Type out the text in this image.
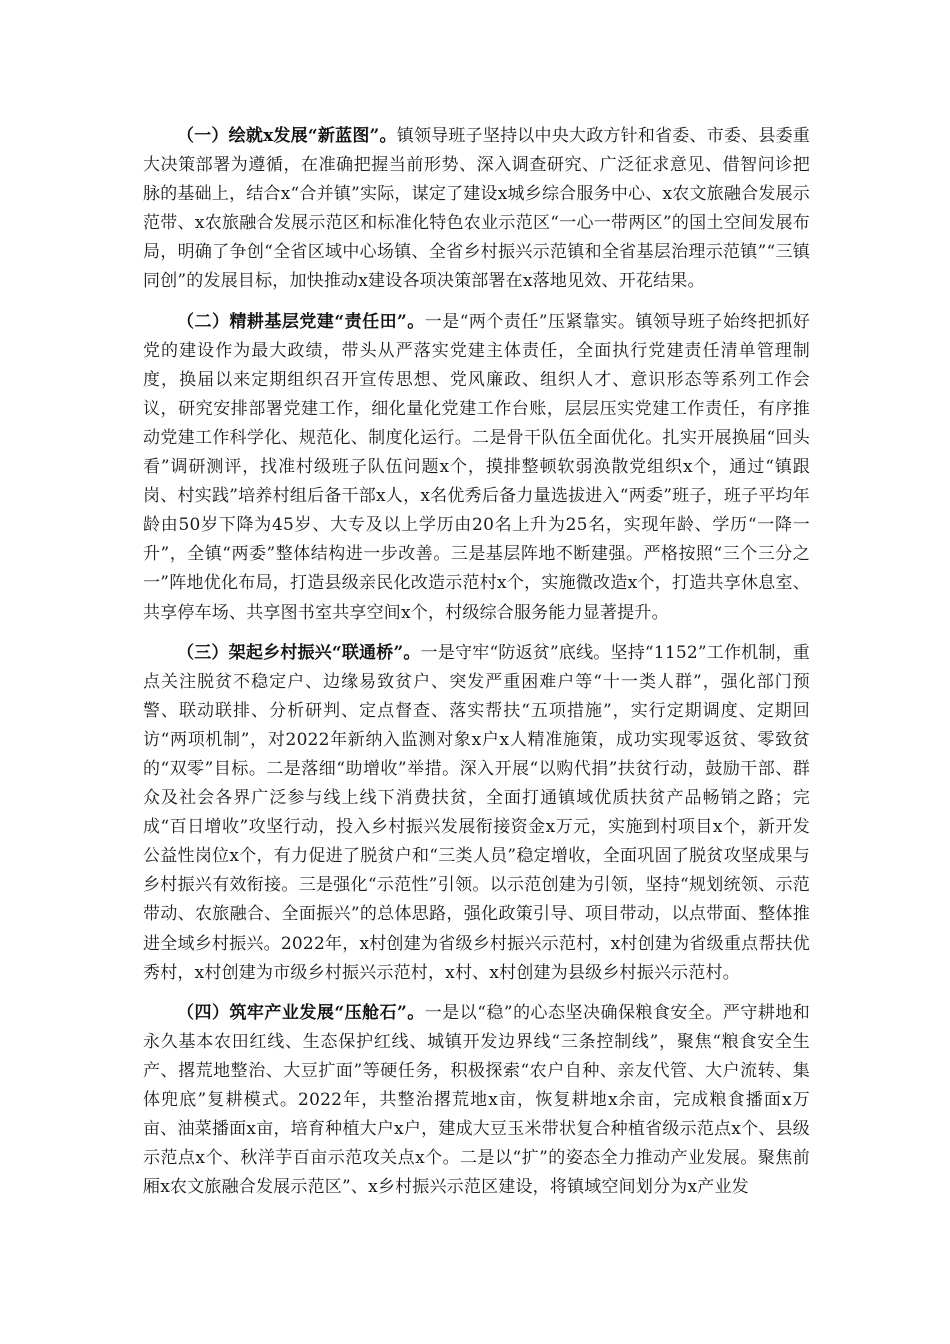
（一）绘就x发展“新蓝图”。镇领导班子坚持以中央大政方针和省委、市委、县委重大决策部署为遵循，在准确把握当前形势、深入调查研究、广泛征求意见、借智问诊把脉的基础上，结合x“合并镇”实际，谋定了建设x城乡综合服务中心、x农文旅融合发展示范带、x农旅融合发展示范区和标准化特色农业示范区“一心一带两区”的国土空间发展布局，明确了争创“全省区域中心场镇、全省乡村振兴示范镇和全省基层治理示范镇”“三镇同创”的发展目标，加快推动x建设各项决策部署在x落地见效、开花结果。

（二）精耕基层党建“责任田”。一是“两个责任”压紧靠实。镇领导班子始终把抓好党的建设作为最大政绩，带头从严落实党建主体责任，全面执行党建责任清单管理制度，换届以来定期组织召开宣传思想、党风廉政、组织人才、意识形态等系列工作会议，研究安排部署党建工作，细化量化党建工作台账，层层压实党建工作责任，有序推动党建工作科学化、规范化、制度化运行。二是骨干队伍全面优化。扎实开展换届“回头看”调研测评，找准村级班子队伍问题x个，摸排整顿软弱涣散党组织x个，通过“镇跟岗、村实践”培养村组后备干部x人，x名优秀后备力量选拔进入“两委”班子，班子平均年龄由50岁下降为45岁、大专及以上学历由20名上升为25名，实现年龄、学历“一降一升”，全镇“两委”整体结构进一步改善。三是基层阵地不断建强。严格按照“三个三分之一”阵地优化布局，打造县级亲民化改造示范村x个，实施微改造x个，打造共享休息室、共享停车场、共享图书室共享空间x个，村级综合服务能力显著提升。

（三）架起乡村振兴“联通桥”。一是守牢“防返贫”底线。坚持“1152”工作机制，重点关注脱贫不稳定户、边缘易致贫户、突发严重困难户等“十一类人群”，强化部门预警、联动联排、分析研判、定点督查、落实帮扶“五项措施”，实行定期调度、定期回访“两项机制”，对2022年新纳入监测对象x户x人精准施策，成功实现零返贫、零致贫的“双零”目标。二是落细“助增收”举措。深入开展“以购代捐”扶贫行动，鼓励干部、群众及社会各界广泛参与线上线下消费扶贫，全面打通镇域优质扶贫产品畅销之路；完成“百日增收”攻坚行动，投入乡村振兴发展衔接资金x万元，实施到村项目x个，新开发公益性岗位x个，有力促进了脱贫户和“三类人员”稳定增收，全面巩固了脱贫攻坚成果与乡村振兴有效衔接。三是强化“示范性”引领。以示范创建为引领，坚持“规划统领、示范带动、农旅融合、全面振兴”的总体思路，强化政策引导、项目带动，以点带面、整体推进全域乡村振兴。2022年，x村创建为省级乡村振兴示范村，x村创建为省级重点帮扶优秀村，x村创建为市级乡村振兴示范村，x村、x村创建为县级乡村振兴示范村。

（四）筑牢产业发展“压舱石”。一是以“稳”的心态坚决确保粮食安全。严守耕地和永久基本农田红线、生态保护红线、城镇开发边界线“三条控制线”，聚焦“粮食安全生产、撂荒地整治、大豆扩面”等硬任务，积极探索“农户自种、亲友代管、大户流转、集体兜底”复耕模式。2022年，共整治撂荒地x亩，恢复耕地x余亩，完成粮食播面x万亩、油菜播面x亩，培育种植大户x户，建成大豆玉米带状复合种植省级示范点x个、县级示范点x个、秋洋芋百亩示范攻关点x个。二是以“扩”的姿态全力推动产业发展。聚焦前厢x农文旅融合发展示范区”、x乡村振兴示范区建设，将镇域空间划分为x产业发
